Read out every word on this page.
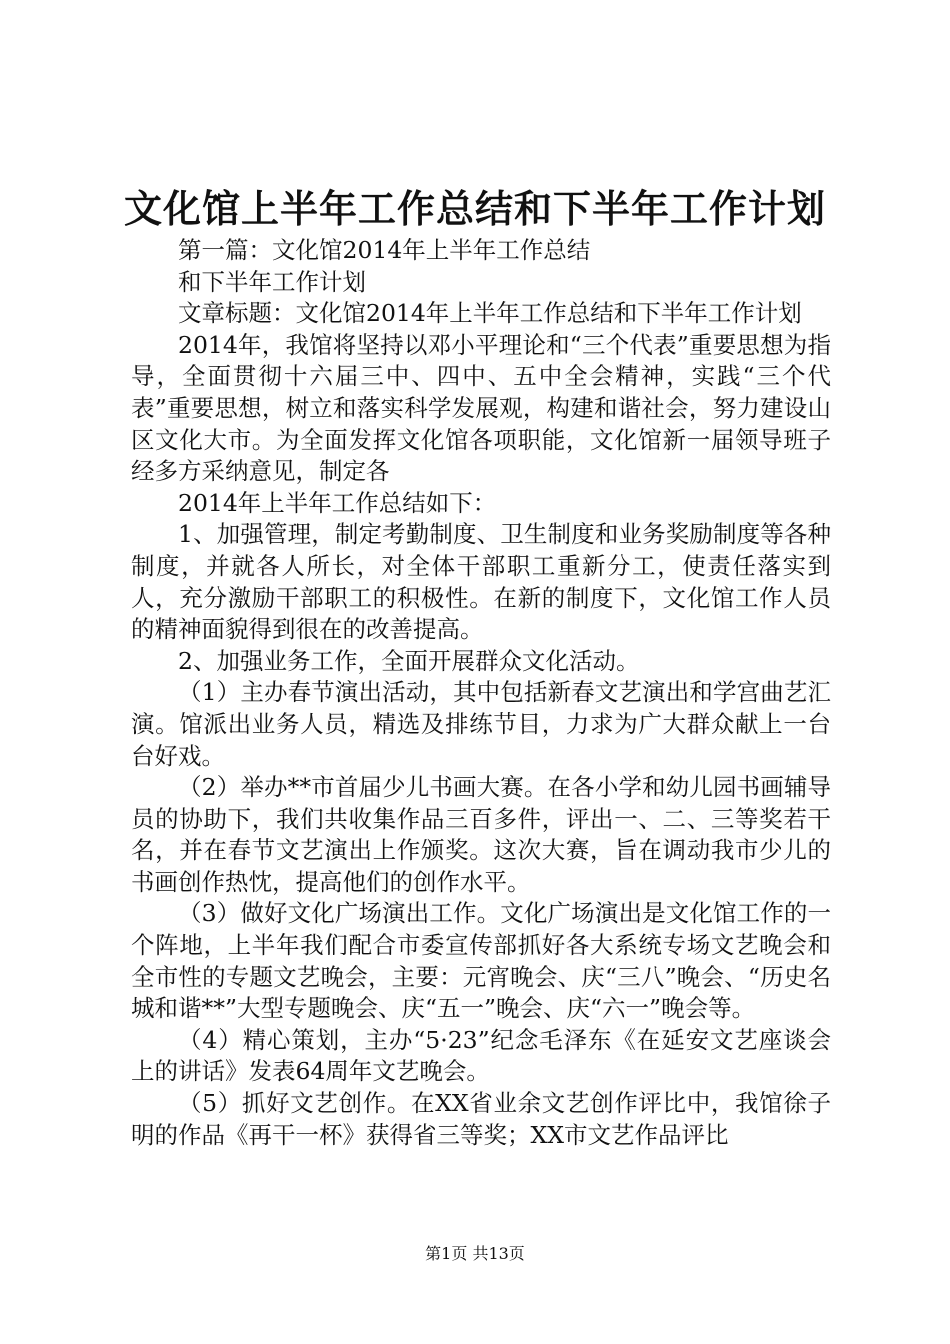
文化馆上半年工作总结和下半年工作计划

第一篇：文化馆2014年上半年工作总结

和下半年工作计划

文章标题：文化馆2014年上半年工作总结和下半年工作计划

2014年，我馆将坚持以邓小平理论和“三个代表”重要思想为指导，全面贯彻十六届三中、四中、五中全会精神，实践“三个代表”重要思想，树立和落实科学发展观，构建和谐社会，努力建设山区文化大市。为全面发挥文化馆各项职能，文化馆新一届领导班子经多方采纳意见，制定各

2014年上半年工作总结如下：

1、加强管理，制定考勤制度、卫生制度和业务奖励制度等各种制度，并就各人所长，对全体干部职工重新分工，使责任落实到人，充分激励干部职工的积极性。在新的制度下，文化馆工作人员的精神面貌得到很在的改善提高。

2、加强业务工作，全面开展群众文化活动。

（1）主办春节演出活动，其中包括新春文艺演出和学宫曲艺汇演。馆派出业务人员，精选及排练节目，力求为广大群众献上一台台好戏。

（2）举办**市首届少儿书画大赛。在各小学和幼儿园书画辅导员的协助下，我们共收集作品三百多件，评出一、二、三等奖若干名，并在春节文艺演出上作颁奖。这次大赛，旨在调动我市少儿的书画创作热忱，提高他们的创作水平。

（3）做好文化广场演出工作。文化广场演出是文化馆工作的一个阵地，上半年我们配合市委宣传部抓好各大系统专场文艺晚会和全市性的专题文艺晚会，主要：元宵晚会、庆“三八”晚会、“历史名城和谐**”大型专题晚会、庆“五一”晚会、庆“六一”晚会等。

（4）精心策划，主办“5·23”纪念毛泽东《在延安文艺座谈会上的讲话》发表64周年文艺晚会。

（5）抓好文艺创作。在XX省业余文艺创作评比中，我馆徐子明的作品《再干一杯》获得省三等奖；XX市文艺作品评比

第1页 共13页
